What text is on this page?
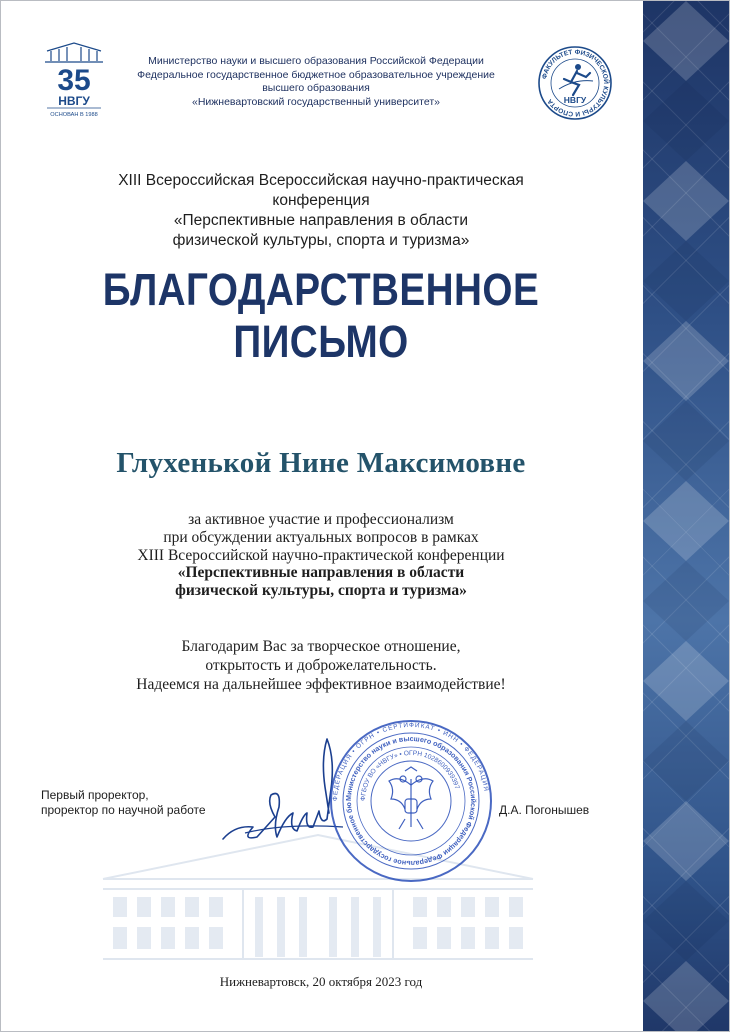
35
НВГУ
ОСНОВАН В 1988
Министерство науки и высшего образования Российской Федерации
Федеральное государственное бюджетное образовательное учреждение
высшего образования
«Нижневартовский государственный университет»
ФАКУЛЬТЕТ ФИЗИЧЕСКОЙ КУЛЬТУРЫ И СПОРТА	НВГУ
XIII Всероссийская Всероссийская научно-практическая
конференция
«Перспективные направления в области
физической культуры, спорта и туризма»
БЛАГОДАРСТВЕННОЕ
ПИСЬМО
Глухенькой Нине Максимовне
за активное участие и профессионализм
при обсуждении актуальных вопросов в рамках
XIII Всероссийской научно-практической конференции
«Перспективные направления в области
физической культуры, спорта и туризма»
Благодарим Вас за творческое отношение,
открытость и доброжелательность.
Надеемся на дальнейшее эффективное взаимодействие!
Первый проректор,
проректор по научной работе
ФЕДЕРАЦИЯ • ОГРН • СЕРТИФИКАТ • ИНН • ФЕДЕРАЦИЯ
Министерство науки и высшего образования Российской Федерации Федеральное государственное бю
ФГБОУ ВО «НВГУ» • ОГРН 1028600939397
Д.А. Погонышев
Нижневартовск, 20 октября 2023 год
